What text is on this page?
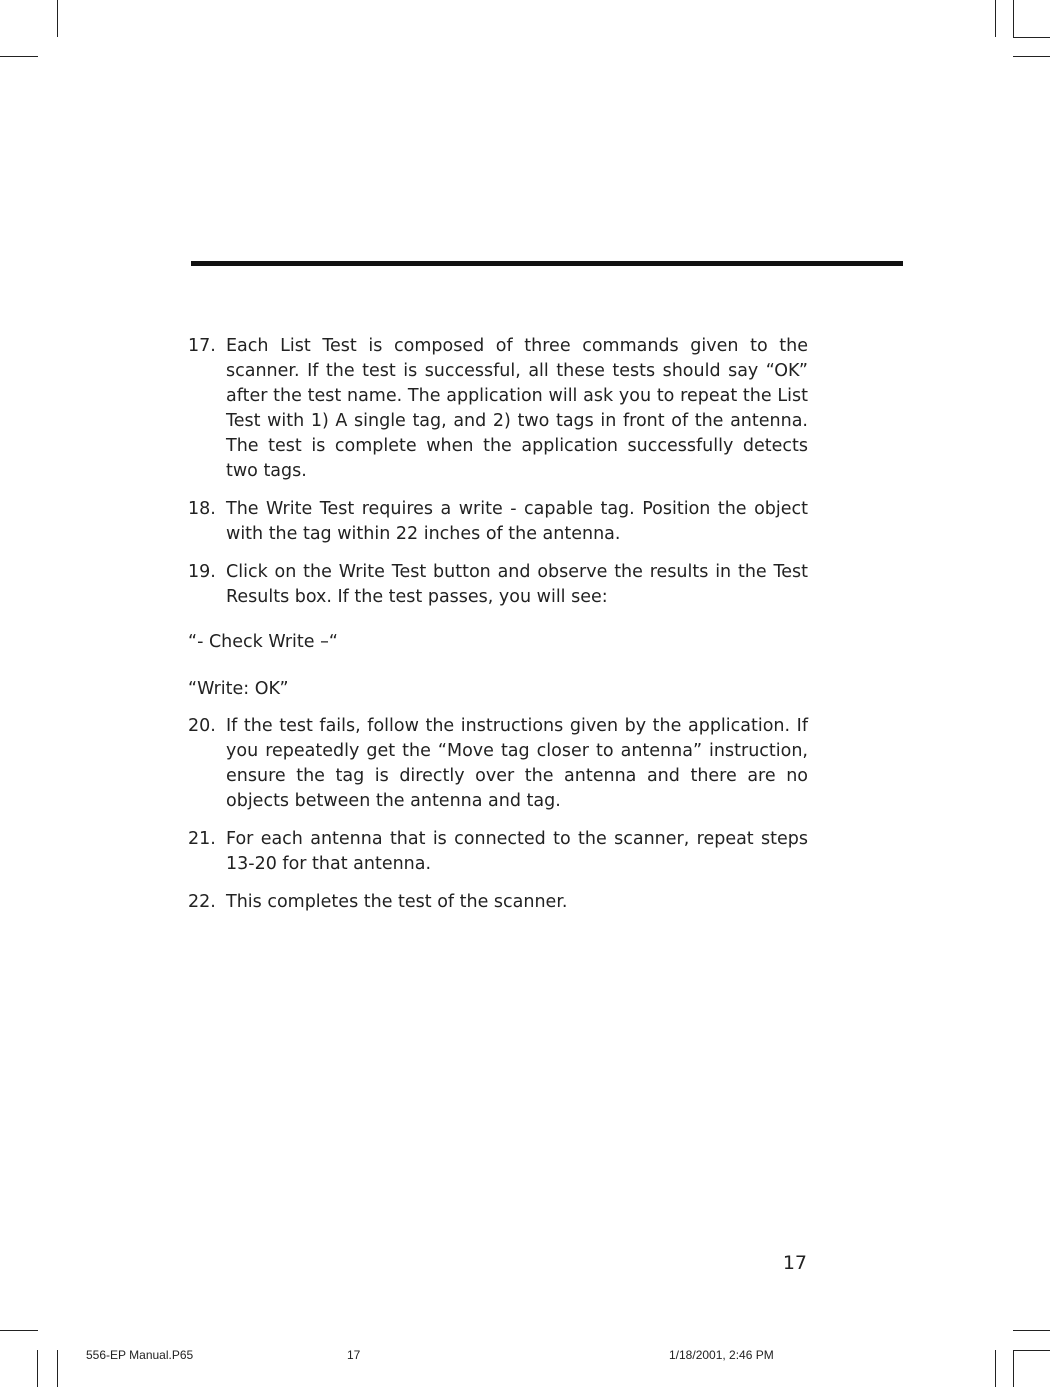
17. Each List Test is composed of three commands given to the scanner. If the test is successful, all these tests should say “OK” after the test name. The application will ask you to repeat the List Test with 1) A single tag, and 2) two tags in front of the antenna. The test is complete when the application successfully detects two tags.
18. The Write Test requires a write - capable tag. Position the object with the tag within 22 inches of the antenna.
19. Click on the Write Test button and observe the results in the Test Results box. If the test passes, you will see:
“- Check Write –“
“Write: OK”
20. If the test fails, follow the instructions given by the application. If you repeatedly get the “Move tag closer to antenna” instruction, ensure the tag is directly over the antenna and there are no objects between the antenna and tag.
21. For each antenna that is connected to the scanner, repeat steps 13-20 for that antenna.
22. This completes the test of the scanner.
17
556-EP Manual.P65	17	1/18/2001, 2:46 PM
